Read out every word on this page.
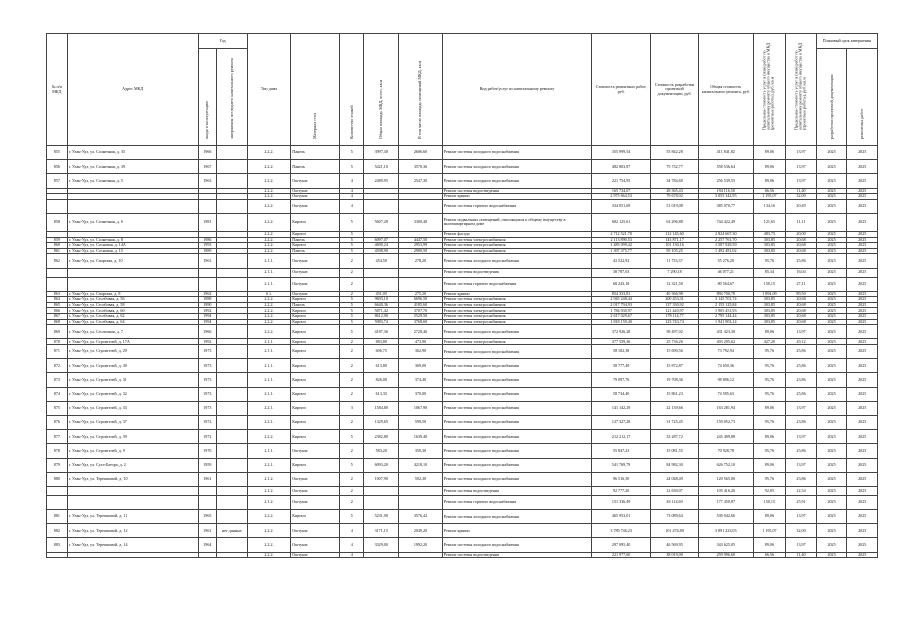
№ п/п МКД	Адрес МКД	Год		Тип дома	Материал стен	Количество этажей	Общая площадь МКД, всего, кв.м	В том числе площадь помещений МКД, кв.м	Вид работ/услуг по капитальному ремонту	Стоимость ремонтных работ, руб.	Стоимость разработки проектной документации, руб.	Общая стоимость капитального ремонта, руб.	Предельная стоимость услуг и (или) работ по капитальному ремонту общего имущества в МКД (ремонтные работы), руб./кв.м	Предельная стоимость услуг и (или) работ по капитальному ремонту общего имущества в МКД (проектные работы), руб./кв.м	Плановый срок завершения	

		ввода в эксплуатацию	завершения последнего капитального ремонта												разработки проектной документации	ремонтных работ

855	г. Улан-Удэ, ул. Солнечная, д. 35	1966		2.2.2.	Панель	5	3997,30	2606,60	Ремонт системы холодного водоснабжения	355 999,54	55 842,28	411 841,82	89,06	13,97	2025	2025
856	г. Улан-Удэ, ул. Солнечная, д. 39	1967		2.2.2.	Панель	5	5421,10	3570,36	Ремонт системы холодного водоснабжения	482 803,87	75 732,77	558 536,64	89,06	13,97	2025	2025
857	г. Улан-Удэ, ул. Солнечная, д. 5	1963		2.2.2.	Оштукат.	4	2489,95	2547,30	Ремонт системы холодного водоснабжения	221 754,95	34 784,60	256 539,55	89,06	13,97	2025	2025
				2.2.2.	Оштукат.	4			Ремонт системы водоотведения	165 734,07	28 365,43	194 116,50	66,56	11,40	2025	2025
				2.2.2.	Оштукат.	4			Ремонт крыши	2 975 664,53	79 678,02	3 055 342,95	1 195,07	32,00	2025	2025
				2.2.2.	Оштукат.	4			Ремонт системы горячего водоснабжения	334 051,69	51 019,08	385 070,77	134,16	20,49	2025	2025
858	г. Улан-Удэ, ул. Солнечная, д. 6	1981		2.2.2.	Кирпич	5	5607,28	3300,40	Ремонт подвальных помещений, относящихся к общему имуществу в многоквартирном доме	682 125,61	62 296,88	744 422,49	121,65	11,11	2025	2025
				2.2.2.	Кирпич	5			Ремонт фасада	2 712 521,70	112 145,60	2 824 667,30	483,75	20,00	2025	2025
859	г. Улан-Удэ, ул. Солнечная, д. 8	1986		2.2.2.	Панель	5	6097,07	4447,50	Ремонт системы электроснабжения	2 113 890,53	143 871,17	2 257 761,70	303,85	20,68	2025	2025
860	г. Улан-Удэ, ул. Сосновая, д. 14А	1993		2.2.2.	Кирпич	5	4690,24	2953,99	Ремонт системы электроснабжения	1 485 099,42	101 130,16	1 587 929,59	303,85	20,68	2025	2025
861	г. Улан-Удэ, ул. Сосновая, д. 15	1989		2.2.2.	Панель	5	4598,90	2900,50	Ремонт системы электроснабжения	1 397 375,77	95 105,25	1 492 481,02	303,85	20,68	2025	2025
862	г. Улан-Удэ, ул. Спартака, д. 10	1961		2.1.1.	Оштукат.	2	454,50	278,20	Ремонт системы холодного водоснабжения	43 522,92	11 753,37	55 276,29	95,76	25,86	2025	2025
				2.1.1.	Оштукат.	2			Ремонт системы водоотведения	38 787,03	7 290,18	46 077,21	85,34	16,04	2025	2025
				2.1.1.	Оштукат.	2			Ремонт системы горячего водоснабжения	68 243,18	12 321,50	80 564,67	150,15	27,11	2025	2025
863	г. Улан-Удэ, ул. Спартака, д. 8	1962		6.1.	Оштукат.	2	451,05	275,20	Ремонт крыши	854 333,81	40 366,98	894 700,78	1 894,09	89,50	2025	2025
864	г. Улан-Удэ, ул. Столбовая, д. 56	1988		2.2.2.	Кирпич	5	9693,10	6696,50	Ремонт системы электроснабжения	2 945 248,44	200 453,31	3 145 701,74	303,85	20,68	2025	2025
865	г. Улан-Удэ, ул. Столбовая, д. 58	1990		2.2.2.	Панель	5	6640,36	4185,60	Ремонт системы электроснабжения	2 017 794,93	137 330,92	2 155 125,84	303,85	20,68	2025	2025
866	г. Улан-Удэ, ул. Столбовая, д. 60	1992		2.2.2.	Кирпич	5	5871,42	3707,70	Ремонт системы электроснабжения	1 784 030,97	121 420,97	1 905 451,93	303,85	20,68	2025	2025
867	г. Улан-Удэ, ул. Столбовая, д. 62	1994		2.2.2.	Кирпич	5	8612,90	5529,50	Ремонт системы электроснабжения	2 617 029,67	178 114,77	2 795 144,44	303,85	20,68	2025	2025
868	г. Улан-Удэ, ул. Столбовая, д. 64	1994		2.2.2.	Кирпич	5	5983,74	3768,60	Ремонт системы электроснабжения	1 818 159,40	123 743,74	1 941 903,14	303,85	20,68	2025	2025
869	г. Улан-Удэ, ул. Столичная, д. 7	1966		2.2.2.	Кирпич	5	4187,36	2720,46	Ремонт системы холодного водоснабжения	372 926,28	58 497,02	431 423,30	89,06	13,97	2025	2025
870	г. Улан-Удэ, ул. Строителей, д. 17А	1992		2.1.1.	Кирпич	2	883,80	473,90	Ремонт системы электроснабжения	377 559,36	25 736,26	403 295,62	427,20	29,12	2025	2025
871	г. Улан-Удэ, ул. Строителей, д. 29	1973		2.1.1.	Кирпич	2	606,75	362,90	Ремонт системы холодного водоснабжения	58 102,38	15 690,56	73 792,94	95,76	25,86	2025	2025
872	г. Улан-Удэ, ул. Строителей, д. 30	1973		2.1.1.	Кирпич	2	613,80	369,00	Ремонт системы холодного водоснабжения	58 777,49	15 872,87	74 650,36	95,76	25,86	2025	2025
873	г. Улан-Удэ, ул. Строителей, д. 31	1973		2.1.1.	Кирпич	2	826,00	374,40	Ремонт системы холодного водоснабжения	79 097,76	19 708,36	98 806,12	95,76	23,86	2025	2025
874	г. Улан-Удэ, ул. Строителей, д. 32	1973		2.1.1.	Кирпич	2	613,35	370,00	Ремонт системы холодного водоснабжения	58 734,40	15 861,23	74 595,63	95,76	25,86	2025	2025
875	г. Улан-Удэ, ул. Строителей, д. 33	1973		2.2.1.	Кирпич	3	1584,80	1067,90	Ремонт системы холодного водоснабжения	141 142,29	22 139,66	163 281,94	89,06	13,97	2025	2025
876	г. Улан-Удэ, ул. Строителей, д. 37	1972		2.2.1.	Кирпич	2	1329,65	599,50	Ремонт системы холодного водоснабжения	127 327,28	31 725,45	159 052,73	95,76	23,86	2025	2025
877	г. Улан-Удэ, ул. Строителей, д. 39	1972		2.2.2.	Кирпич	5	2382,80	1639,40	Ремонт системы холодного водоснабжения	212 212,17	33 287,72	245 499,88	89,06	13,97	2025	2025
878	г. Улан-Удэ, ул. Строителей, д. 9	1970		2.1.1.	Оштукат.	2	583,20	350,30	Ремонт системы холодного водоснабжения	55 847,23	15 081,55	70 928,78	95,76	25,86	2025	2025
879	г. Улан-Удэ, ул. Сухэ-Батора, д. 2	1959		2.2.1.	Кирпич	5	6093,20	4218,10	Ремонт системы холодного водоснабжения	541 769,79	84 982,30	626 752,10	89,06	13,97	2025	2025
880	г. Улан-Удэ, ул. Терешковой, д. 10	1961		2.1.2.	Оштукат.	2	1007,90	502,30	Ремонт системы холодного водоснабжения	96 516,50	24 048,49	120 565,00	95,76	23,86	2025	2025
				2.1.2.	Оштукат.	2			Ремонт системы водоотведения	92 777,20	12 639,07	105 416,26	92,05	12,54	2025	2025
				2.1.2.	Оштукат.	2			Ремонт системы горячего водоснабжения	151 336,49	26 114,69	177 450,87	150,15	25,91	2025	2025
881	г. Улан-Удэ, ул. Терешковой, д. 11	1965		2.2.2.	Кирпич	5	5231,90	3576,42	Ремонт системы холодного водоснабжения	465 953,01	73 089,64	539 042,66	89,06	13,97	2025	2025
882	г. Улан-Удэ, ул. Терешковой, д. 12	1961	нет данных	2.2.2.	Оштукат.	4	3171,15	2049,20	Ремонт крыши	3 789 746,23	101 476,80	3 891 223,03	1 195,07	32,00	2025	2025
883	г. Улан-Удэ, ул. Терешковой, д. 14	1964		2.2.2.	Оштукат.	4	3329,00	1992,20	Ремонт системы холодного водоснабжения	297 095,40	46 569,95	343 625,05	89,06	13,97	2025	2025
				2.2.2.	Оштукат.	4			Ремонт системы водоотведения	221 977,60	38 019,00	259 996,60	66,56	11,40	2025	2025
